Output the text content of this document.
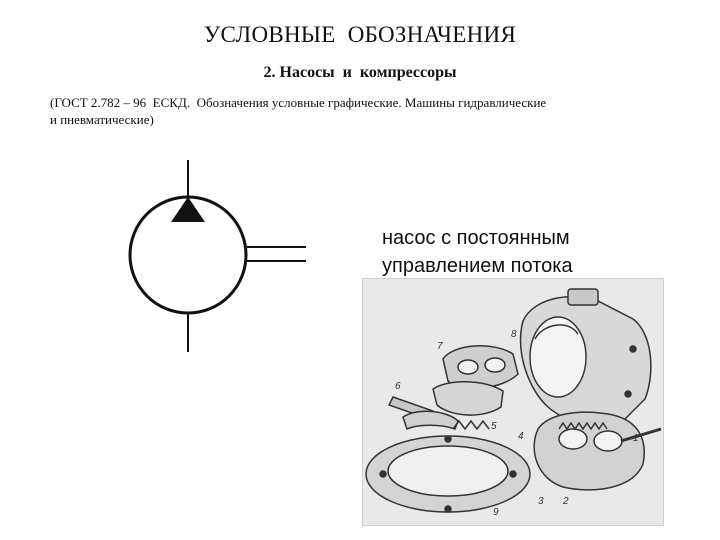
УСЛОВНЫЕ  ОБОЗНАЧЕНИЯ
2. Насосы  и  компрессоры
(ГОСТ 2.782 – 96  ЕСКД.  Обозначения условные графические. Машины гидравлические
и пневматические)
насос с постоянным
управлением потока
8
7
6
5
9
3 2
1
4
